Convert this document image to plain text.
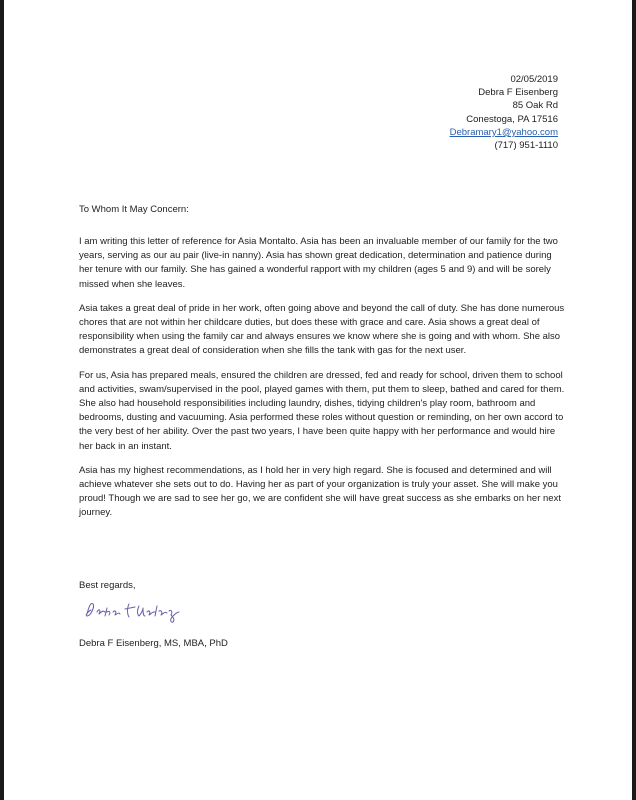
02/05/2019
Debra F Eisenberg
85 Oak Rd
Conestoga, PA 17516
Debramary1@yahoo.com
(717) 951-1110
To Whom It May Concern:

I am writing this letter of reference for Asia Montalto. Asia has been an invaluable member of our family for the two years, serving as our au pair (live-in nanny). Asia has shown great dedication, determination and patience during her tenure with our family. She has gained a wonderful rapport with my children (ages 5 and 9) and will be sorely missed when she leaves.

Asia takes a great deal of pride in her work, often going above and beyond the call of duty. She has done numerous chores that are not within her childcare duties, but does these with grace and care. Asia shows a great deal of responsibility when using the family car and always ensures we know where she is going and with whom. She also demonstrates a great deal of consideration when she fills the tank with gas for the next user.

For us, Asia has prepared meals, ensured the children are dressed, fed and ready for school, driven them to school and activities, swam/supervised in the pool, played games with them, put them to sleep, bathed and cared for them. She also had household responsibilities including laundry, dishes, tidying children's play room, bathroom and bedrooms, dusting and vacuuming. Asia performed these roles without question or reminding, on her own accord to the very best of her ability. Over the past two years, I have been quite happy with her performance and would hire her back in an instant.

Asia has my highest recommendations, as I hold her in very high regard. She is focused and determined and will achieve whatever she sets out to do. Having her as part of your organization is truly your asset. She will make you proud! Though we are sad to see her go, we are confident she will have great success as she embarks on her next journey.

Best regards,
Debra F Eisenberg, MS, MBA, PhD
